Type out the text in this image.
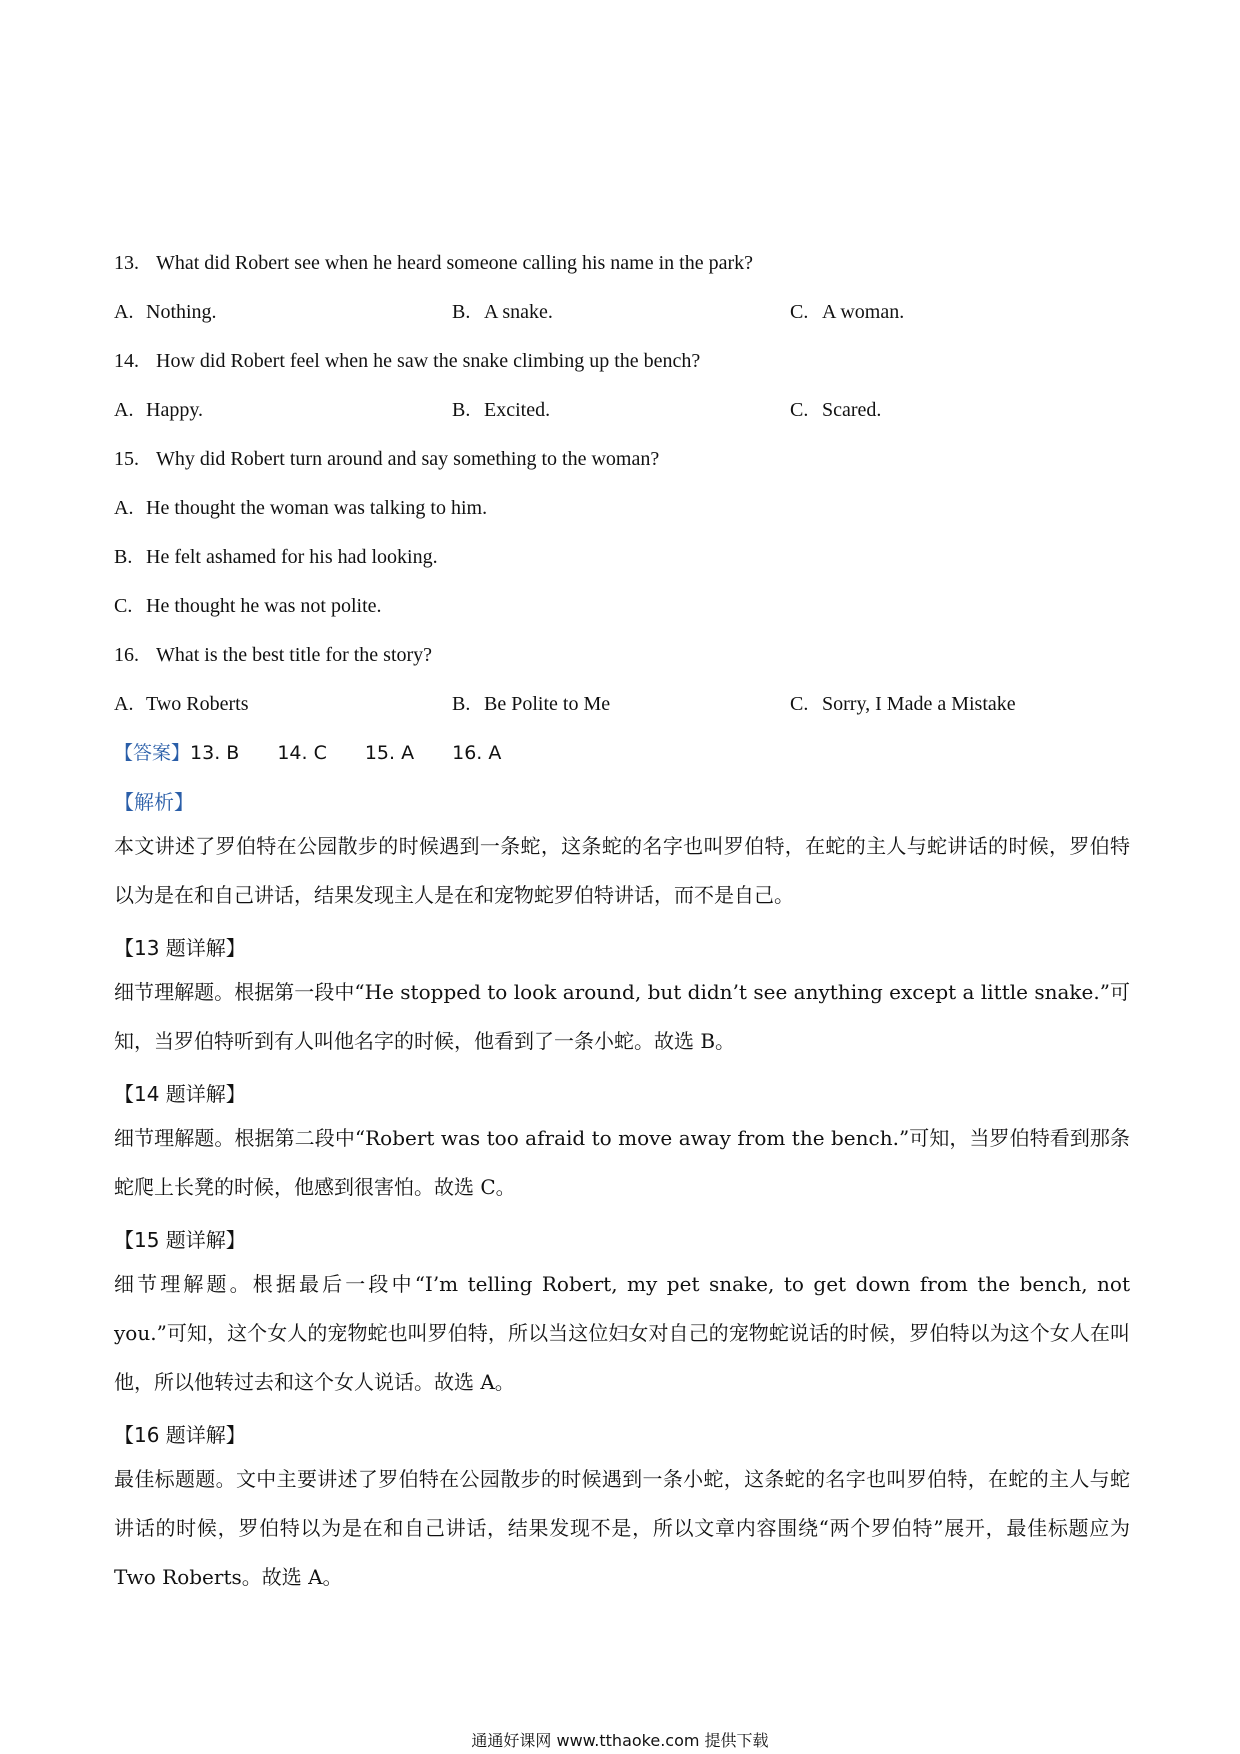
13. What did Robert see when he heard someone calling his name in the park?
A. Nothing.	B. A snake.	C. A woman.
14. How did Robert feel when he saw the snake climbing up the bench?
A. Happy.	B. Excited.	C. Scared.
15. Why did Robert turn around and say something to the woman?
A. He thought the woman was talking to him.
B. He felt ashamed for his had looking.
C. He thought he was not polite.
16. What is the best title for the story?
A. Two Roberts	B. Be Polite to Me	C. Sorry, I Made a Mistake
【答案】13. B 14. C 15. A 16. A
【解析】
本文讲述了罗伯特在公园散步的时候遇到一条蛇，这条蛇的名字也叫罗伯特，在蛇的主人与蛇讲话的时候，罗伯特以为是在和自己讲话，结果发现主人是在和宠物蛇罗伯特讲话，而不是自己。
【13 题详解】
细节理解题。根据第一段中“He stopped to look around, but didn’t see anything except a little snake.”可知，当罗伯特听到有人叫他名字的时候，他看到了一条小蛇。故选 B。
【14 题详解】
细节理解题。根据第二段中“Robert was too afraid to move away from the bench.”可知，当罗伯特看到那条蛇爬上长凳的时候，他感到很害怕。故选 C。
【15 题详解】
细节理解题。根据最后一段中“I’m telling Robert, my pet snake, to get down from the bench, not you.”可知，这个女人的宠物蛇也叫罗伯特，所以当这位妇女对自己的宠物蛇说话的时候，罗伯特以为这个女人在叫他，所以他转过去和这个女人说话。故选 A。
【16 题详解】
最佳标题题。文中主要讲述了罗伯特在公园散步的时候遇到一条小蛇，这条蛇的名字也叫罗伯特，在蛇的主人与蛇讲话的时候，罗伯特以为是在和自己讲话，结果发现不是，所以文章内容围绕“两个罗伯特”展开，最佳标题应为 Two Roberts。故选 A。
通通好课网 www.tthaoke.com 提供下载
